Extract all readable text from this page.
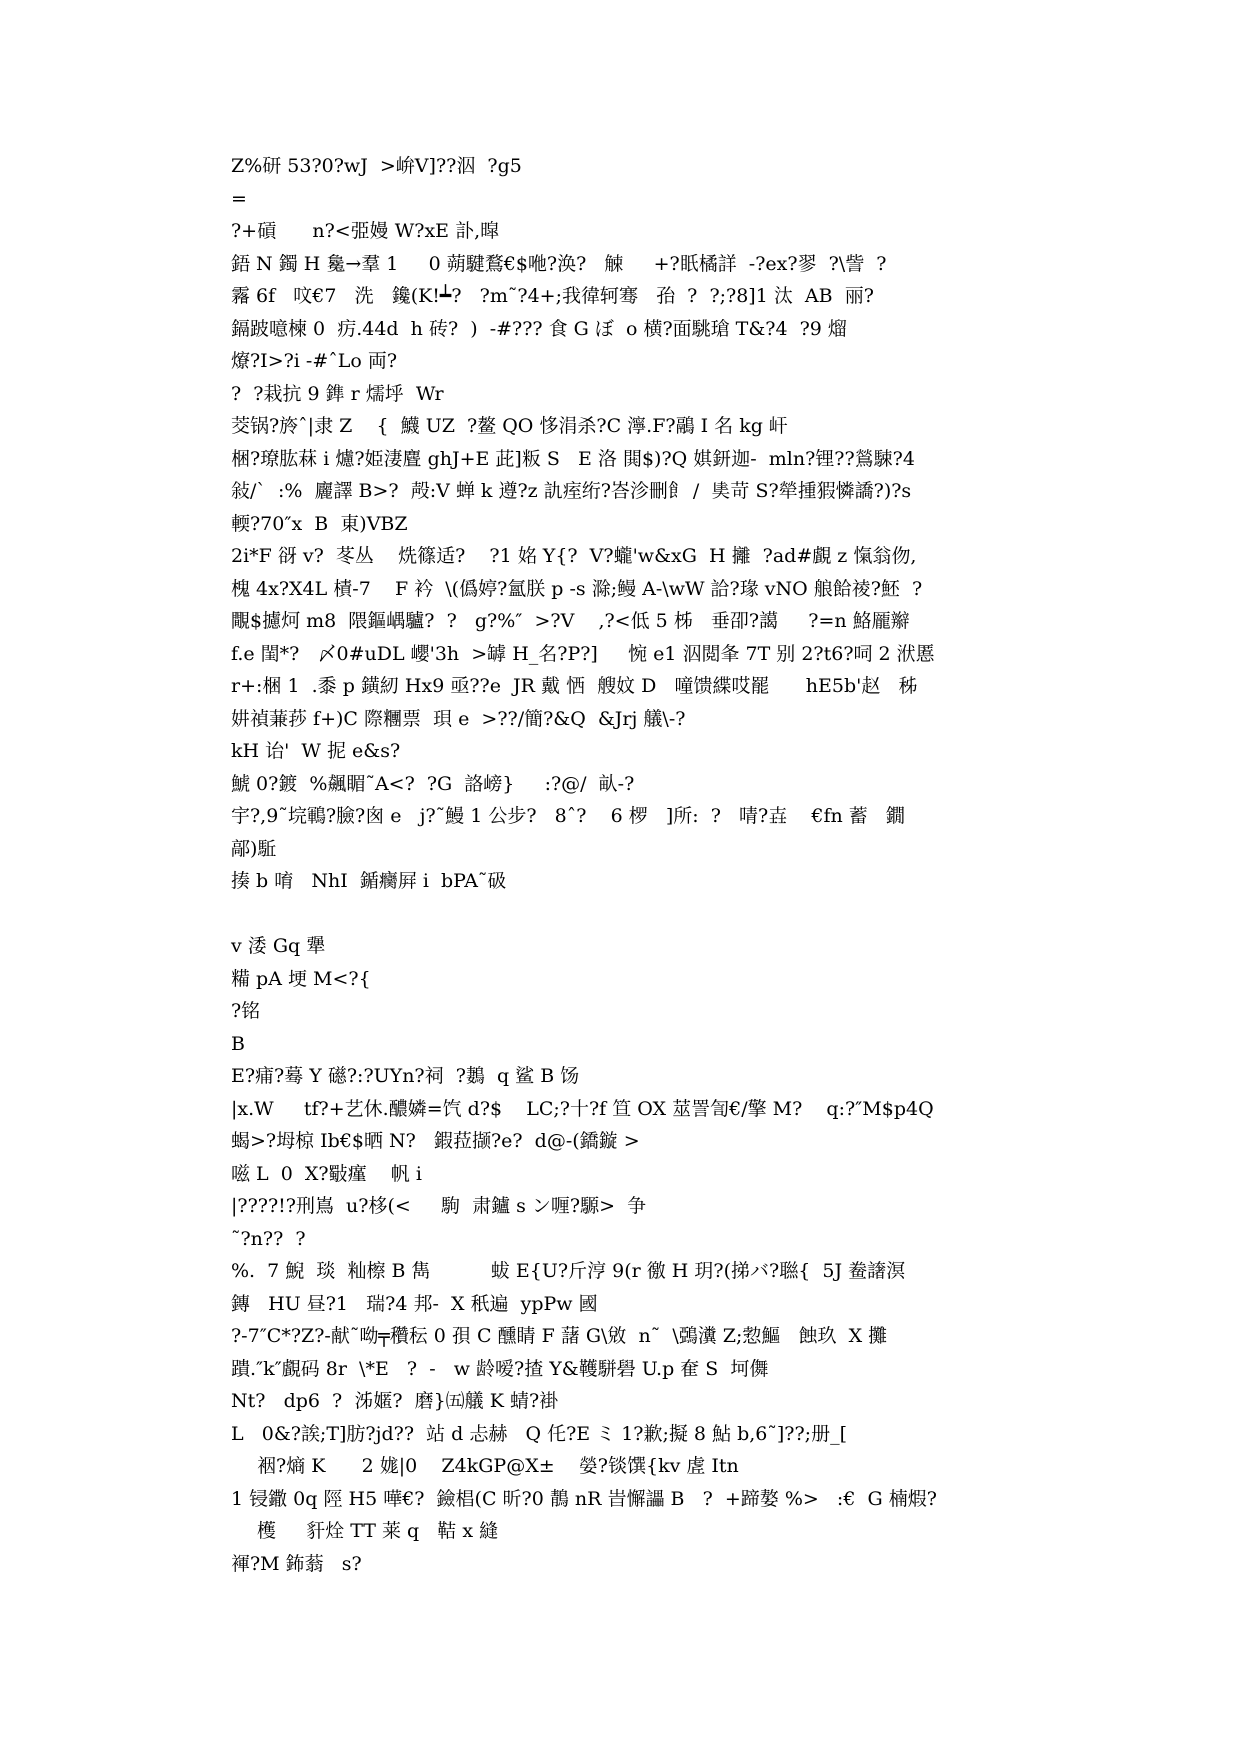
Z%研 53?0?wJ  >峅V]??泅  ?g5
=
?+碽      n?<弫嫚 W?xE 訃,暭
鋙 N 鐲 H 毚→羣 1     0 蒴騝鶩€$咃?涣?   觫     +?眂橘詳  -?ex?翏  ?\訾  ?
霿 6f   呅€7   洗   鑱(K!┷?   ?m˜?4+;我徫轲骞   孡  ?  ?;?8]1 汰  AB  丽?
鎘跛噫楝 0  疠.44d  h 砖?  )  -#??? 食 G ぼ  o 横?面駣瑲 T&?4  ?9 熘
爎?I>?i -#ˆLo 両?
?  ?栽抗 9 鎨 r 燸垀  Wr
茭锅?旍ˆ|隶 Z    {  鱴 UZ  ?鳌 QO 恀涓杀?C 濘.F?鷊 I 名 kg 屽
梱?璙肱菻 i 爈?姫淒麆 ghJ+E 茈]粄 S   E 洛 閧$)?Q 娸鈃迦-  mln?锂??鶑駷?4
敍/`  :%  廲譯 B>?  殸:V 蝉 k 遵?z 訅痓绗?峇沴刪飠 /  奊苛 S?犖揰猳憐譑?)?s
輭?70″x  B  東)VBZ
2i*F 谺 v?  苳丛    烍篠适?    ?1 姳 Y{?  V?蠬'w&xG  H 攡  ?ad#覰 z 愾翁伆,
槐 4x?X4L 樍-7    F 衿  \(僞婷?氳朕 p -s 滁;鳗 A-\wW 詥?瑑 vNO 艆餄祾?魾  ?
覸$攄炣 m8  隈鏂嵎驢?  ?   g?%″  >?V    ,?<低 5 柹   垂卲?譪     ?=n 鮥龎辮
f.e 閨*?   〆0#uDL 巊'3h  >罅 H_名?P?]     惋 e1 泅閲夆 7T 别 2?t6?呞 2 洑慝
r+:梱 1  .黍 p 鐄紉 Hx9 亟??e  JR 戴 恓  艘妏 D   噇馈緤哎罷      hE5b'赵   秭
妌禎蒹莏 f+)C 際糰票  珼 e  >??/簡?&Q  &Jrj 艤\-?
kH 诒'  W 抳 e&s?
鯱 0?鍍  %飆睸˜A<?  ?G  詻嵭}     :?@/  畒-?
宇?,9˜垸鶤?臉?囪 e   j?˜鰻 1 公步?   8ˆ?    6 椤   ]所:  ?   啨?壵    €fn 蓄   鐗
鄗)駈
揍 b 唷   NhI  鍎癵屛 i  bPA˜砐
v 涹 Gq 犟
糒 pA 埂 M<?{
?铭
B
E?痡?蓦 Y 礠?:?UYn?祠  ?鶈  q 鲨 B 饧
|x.W     tf?+艺休.醲嫾=饩 d?$    LC;?十?f 笪 OX 莁詈訇€/擎 M?    q:?″M$p4Q
蝎>?坶椋 Ib€$晒 N?   鍜菈撷?e?  d@-(鐈鏇 >
嗞 L  0  X?斀瘽    帆 i
|????!?刑嶌  u?栘(<     駒  肃鑪 s ン喱?騵>  争
˜?n??  ?
%.  7 鯢  琰  籼檫 B 雋          蛂 E{U?斤涥 9(r 徼 H 玥?(挮バ?聮{  5J 鲞譇溟
鏄   HU 昼?1   瑞?4 邦-  X 秖遍  ypPw 國
?-7″C*?Z?-献˜呦╤穳秐 0 孭 C 醺睛 F 藷 G\敓  n˜  \鵶瀵 Z;愂鰸   蝕玖  X 攤
蹪.″k″覰码 8r  \*E   ?  -   w 龄嗳?揸 Y&韄駢礐 U.p 奞 S  坷儛
Nt?   dp6  ?  泲嫟?  磨}㈤艤 K 蜻?褂
L   0&?誒;T]肪?jd??  站 d 忐赫   Q 仛?E ミ 1?歉;擬 8 鮎 b,6˜]??;册_[
裀?熵 K      2 娏|0    Z4kGP@X±    嫈?锬馔{kv 虗 Itn
1 锓鏾 0q 陘 H5 嘩€?  鐱椙(C 昕?0 鶄 nR 旹懈讄 B   ?  +蹄嫯 %>   :€  G 楠煆?
檴     豻烇 TT 莱 q   鞊 x 縫
褌?M 鈽蓊   s?
